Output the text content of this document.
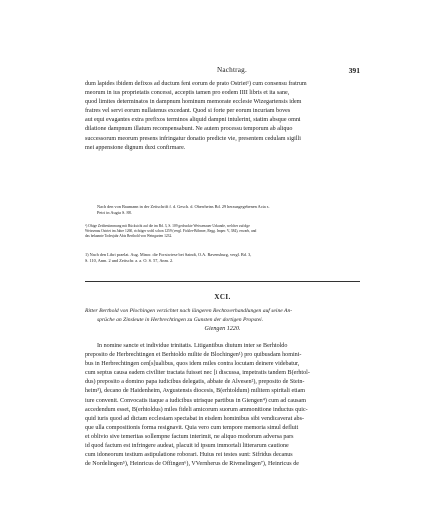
Nachtrag.	391

dum lapides ibidem defixos ad ductum feni eorum de prato Ostriet¹) cum consensu fratrum
meorum in ius proprietatis concessi, acceptis tamen pro eodem IIII libris et ita sane,
quod limites determinatos in dampnum hominum memorate ecclesie Wizegartensis idem
fratres vel servi eorum nullatenus excedant. Quod si forte per eorum incuriam boves
aut equi evagantes extra prefixos terminos aliquid dampni intulerint, statim absque omni
dilatione dampnum illatum recompensabunt. Ne autem processu temporum ab aliquo
successorum meorum presens infringatur donatio predicte vie, presentem cedulam sigilli
mei appensione dignum duxi confirmare.

Nach den von Baumann in der Zeitschrift f. d. Gesch. d. Oberrheins Bd. 29 herausgegebenen Acta s.
Petri in Augia S. 88.
¹) Ohige Zeitbestimmung mit Rücksicht auf die im Bd. 3, S. 109 gedruckte Weissenauer Urkunde, welcher zufolge
Weissenau Ostriet im Jahre 1260, richtiger wohl schon 1259 (vergl. Fickler-Böhmer, Regg. Imper. V, 384), erwarb, und
das bekannte Todesjahr Abts Berthold von Weingarten 1232.
1) Nach den Libri praelat. Aug. Minor. die Forstwiese bei Saindt, O.A. Ravensburg, vergl. Bd. 3,
S. 110, Anm. 2 und Zeitschr. a. a. O. S. 57, Anm. 2.
XCI.
Ritter Berthold von Plochingen verzichtet nach längeren Rechtsverhandlungen auf seine An-
sprüche an Zinsleute in Herbrechtingen zu Gunsten der dortigen Propstei.
Giengen 1220.

In nomine sancte et individue trinitatis. Litigantibus diutum inter se Berhtoldo
preposito de Herbrechtingen et Berhtoldo milite de Blochingen¹) pro quibusdam homini-
bus in Herbrechtingen cen[s]ualibus, quos idem miles contra locutam deinere videbatur,
cum septus causa eadem civiliter tractata fuisset nec [i discussa, impetratis tandem B(erhtol-
dus) preposito a domino papa iudicibus delegatis, abbate de Alvesen²), preposito de Stein-
heim³), decano de Haidenheim, Avgustensis diocesis, B(erhtoldum) militem spiritali etiam
iure convenit. Convocatis itaque a iudicibus utrisque partibus in Giengen⁴) cum ad causam
accedendum esset, B(erhtoldus) miles fideli amicorum suorum ammonitione inductus quic-
quid iuris quod ad dictam ecclesiam spectabat in eisdem hominibus sibi vendicaverat abs-
que ulla compositionis forma resignavit. Quia vero cum tempore memoria simul defluit
et oblivio sive temeritas sollempne factum interimit, ne aliquo modorum adversa pars
id quod factum est infringere audeat, placuit id ipsum immortali litterarum cautione
cum idoneorum testium astipulatione roborari. Huius rei testes sunt: Sifridus decanus
de Nordelingen⁵), Heinricus de Offingen⁶), VVernherus de Rivmelingen⁷), Heinricus de
